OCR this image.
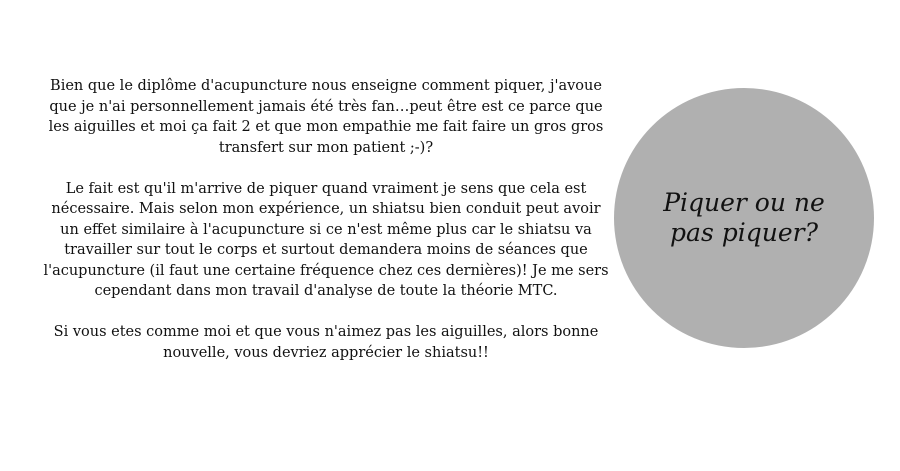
Bien que le diplôme d'acupuncture nous enseigne comment piquer, j'avoue que je n'ai personnellement jamais été très fan…peut être est ce parce que les aiguilles et moi ça fait 2 et que mon empathie me fait faire un gros gros transfert sur mon patient ;-)?

Le fait est qu'il m'arrive de piquer quand vraiment je sens que cela est nécessaire. Mais selon mon expérience, un shiatsu bien conduit peut avoir un effet similaire à l'acupuncture si ce n'est même plus car le shiatsu va travailler sur tout le corps et surtout demandera moins de séances que l'acupuncture (il faut une certaine fréquence chez ces dernières)! Je me sers cependant dans mon travail d'analyse de toute la théorie MTC.

Si vous etes comme moi et que vous n'aimez pas les aiguilles, alors bonne nouvelle, vous devriez apprécier le shiatsu!!

Piquer ou ne pas piquer?
